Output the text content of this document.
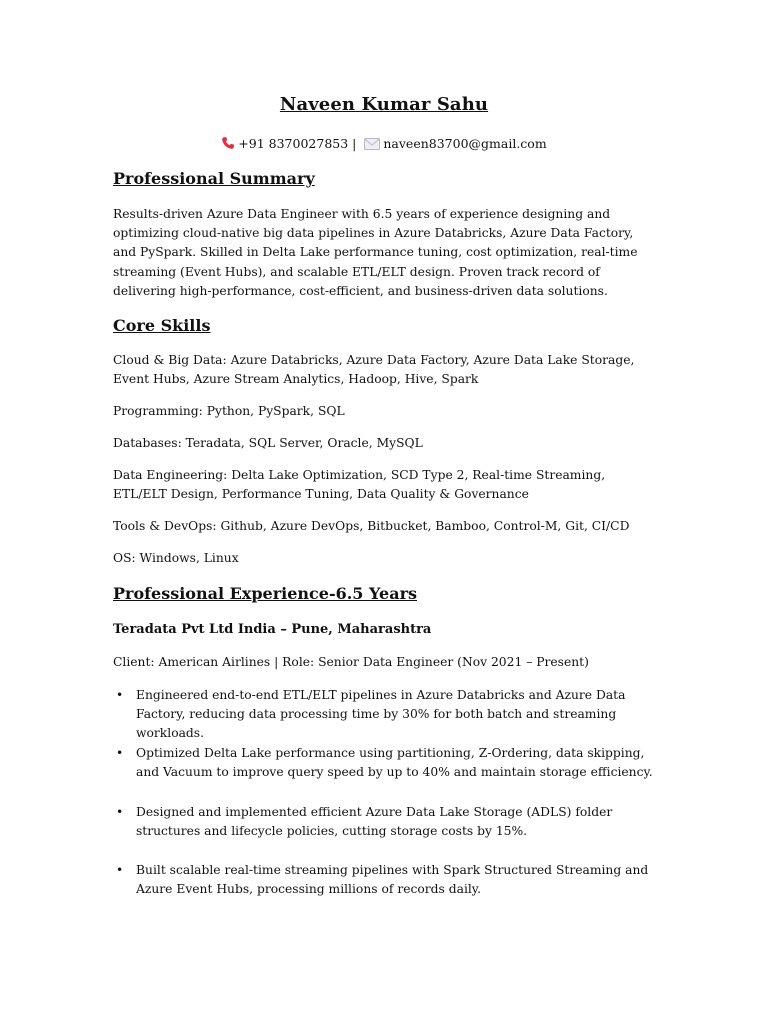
Naveen Kumar Sahu
+91 8370027853 | naveen83700@gmail.com
Professional Summary

Results-driven Azure Data Engineer with 6.5 years of experience designing and optimizing cloud-native big data pipelines in Azure Databricks, Azure Data Factory, and PySpark. Skilled in Delta Lake performance tuning, cost optimization, real-time streaming (Event Hubs), and scalable ETL/ELT design. Proven track record of delivering high-performance, cost-efficient, and business-driven data solutions.

Core Skills

Cloud & Big Data: Azure Databricks, Azure Data Factory, Azure Data Lake Storage, Event Hubs, Azure Stream Analytics, Hadoop, Hive, Spark

Programming: Python, PySpark, SQL

Databases: Teradata, SQL Server, Oracle, MySQL

Data Engineering: Delta Lake Optimization, SCD Type 2, Real-time Streaming, ETL/ELT Design, Performance Tuning, Data Quality & Governance

Tools & DevOps: Github, Azure DevOps, Bitbucket, Bamboo, Control-M, Git, CI/CD

OS: Windows, Linux

Professional Experience-6.5 Years
Teradata Pvt Ltd India – Pune, Maharashtra

Client: American Airlines | Role: Senior Data Engineer (Nov 2021 – Present)

• Engineered end-to-end ETL/ELT pipelines in Azure Databricks and Azure Data Factory, reducing data processing time by 30% for both batch and streaming workloads.
• Optimized Delta Lake performance using partitioning, Z-Ordering, data skipping, and Vacuum to improve query speed by up to 40% and maintain storage efficiency.
• Designed and implemented efficient Azure Data Lake Storage (ADLS) folder structures and lifecycle policies, cutting storage costs by 15%.
• Built scalable real-time streaming pipelines with Spark Structured Streaming and Azure Event Hubs, processing millions of records daily.
